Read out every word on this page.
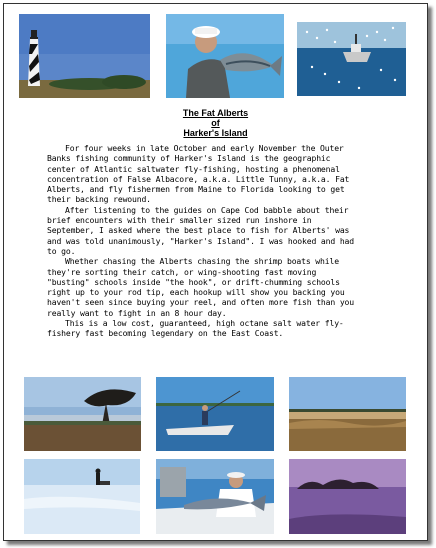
The Fat Alberts
of
Harker's Island

For four weeks in late October and early November the Outer Banks fishing community of Harker's Island is the geographic center of Atlantic saltwater fly-fishing, hosting a phenomenal concentration of False Albacore, a.k.a. Little Tunny, a.k.a. Fat Alberts, and fly fishermen from Maine to Florida looking to get their backing rewound.

After listening to the guides on Cape Cod babble about their brief encounters with their smaller sized run inshore in September, I asked where the best place to fish for Alberts' was and was told unanimously, "Harker's Island". I was hooked and had to go.

Whether chasing the Alberts chasing the shrimp boats while they're sorting their catch, or wing-shooting fast moving "busting" schools inside "the hook", or drift-chumming schools right up to your rod tip, each hookup will show you backing you haven't seen since buying your reel, and often more fish than you really want to fight in an 8 hour day.

This is a low cost, guaranteed, high octane salt water fly-fishery fast becoming legendary on the East Coast.
